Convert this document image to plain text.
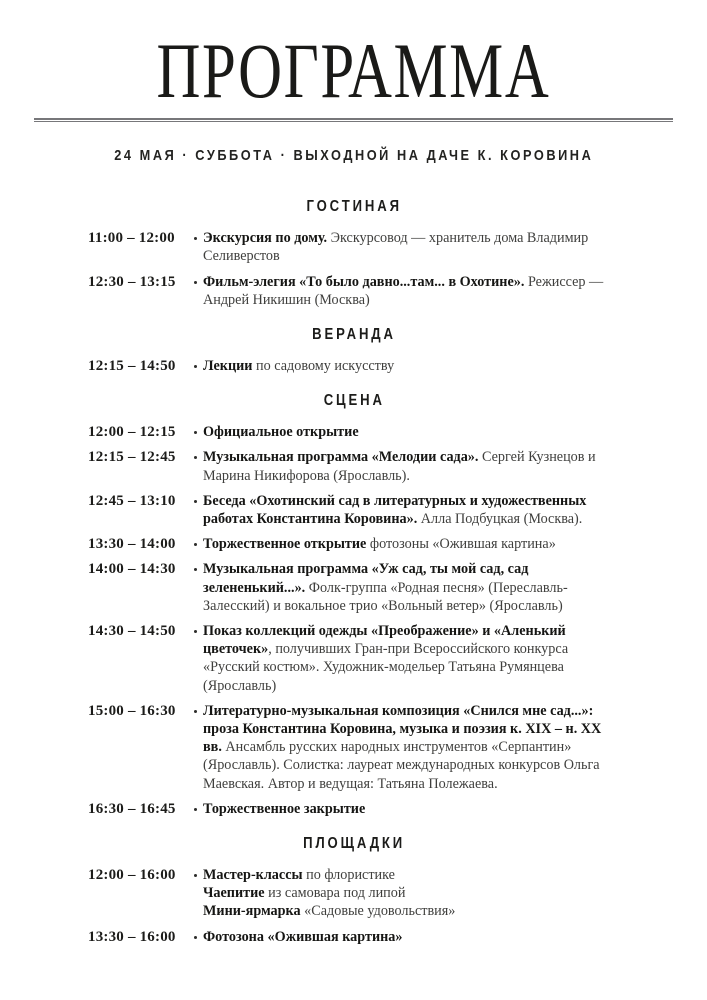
ПРОГРАММА
24 МАЯ · СУББОТА · ВЫХОДНОЙ НА ДАЧЕ К. КОРОВИНА
ГОСТИНАЯ
11:00 – 12:00	Экскурсия по дому. Экскурсовод — хранитель дома Владимир Селиверстов
12:30 – 13:15	Фильм-элегия «То было давно...там... в Охотине». Режиссер — Андрей Никишин (Москва)
ВЕРАНДА
12:15 – 14:50	Лекции по садовому искусству
СЦЕНА
12:00 – 12:15	Официальное открытие
12:15 – 12:45	Музыкальная программа «Мелодии сада». Сергей Кузнецов и Марина Никифорова (Ярославль).
12:45 – 13:10	Беседа «Охотинский сад в литературных и художественных работах Константина Коровина». Алла Подбуцкая (Москва).
13:30 – 14:00	Торжественное открытие фотозоны «Ожившая картина»
14:00 – 14:30	Музыкальная программа «Уж сад, ты мой сад, сад зелененький...». Фолк-группа «Родная песня» (Переславль-Залесский) и вокальное трио «Вольный ветер» (Ярославль)
14:30 – 14:50	Показ коллекций одежды «Преображение» и «Аленький цветочек», получивших Гран-при Всероссийского конкурса «Русский костюм». Художник-модельер Татьяна Румянцева (Ярославль)
15:00 – 16:30	Литературно-музыкальная композиция «Снился мне сад...»: проза Константина Коровина, музыка и поэзия к. XIX – н. XX вв. Ансамбль русских народных инструментов «Серпантин» (Ярославль). Солистка: лауреат международных конкурсов Ольга Маевская. Автор и ведущая: Татьяна Полежаева.
16:30 – 16:45	Торжественное закрытие
ПЛОЩАДКИ
12:00 – 16:00	Мастер-классы по флористике
Чаепитие из самовара под липой
Мини-ярмарка «Садовые удовольствия»
13:30 – 16:00	Фотозона «Ожившая картина»
